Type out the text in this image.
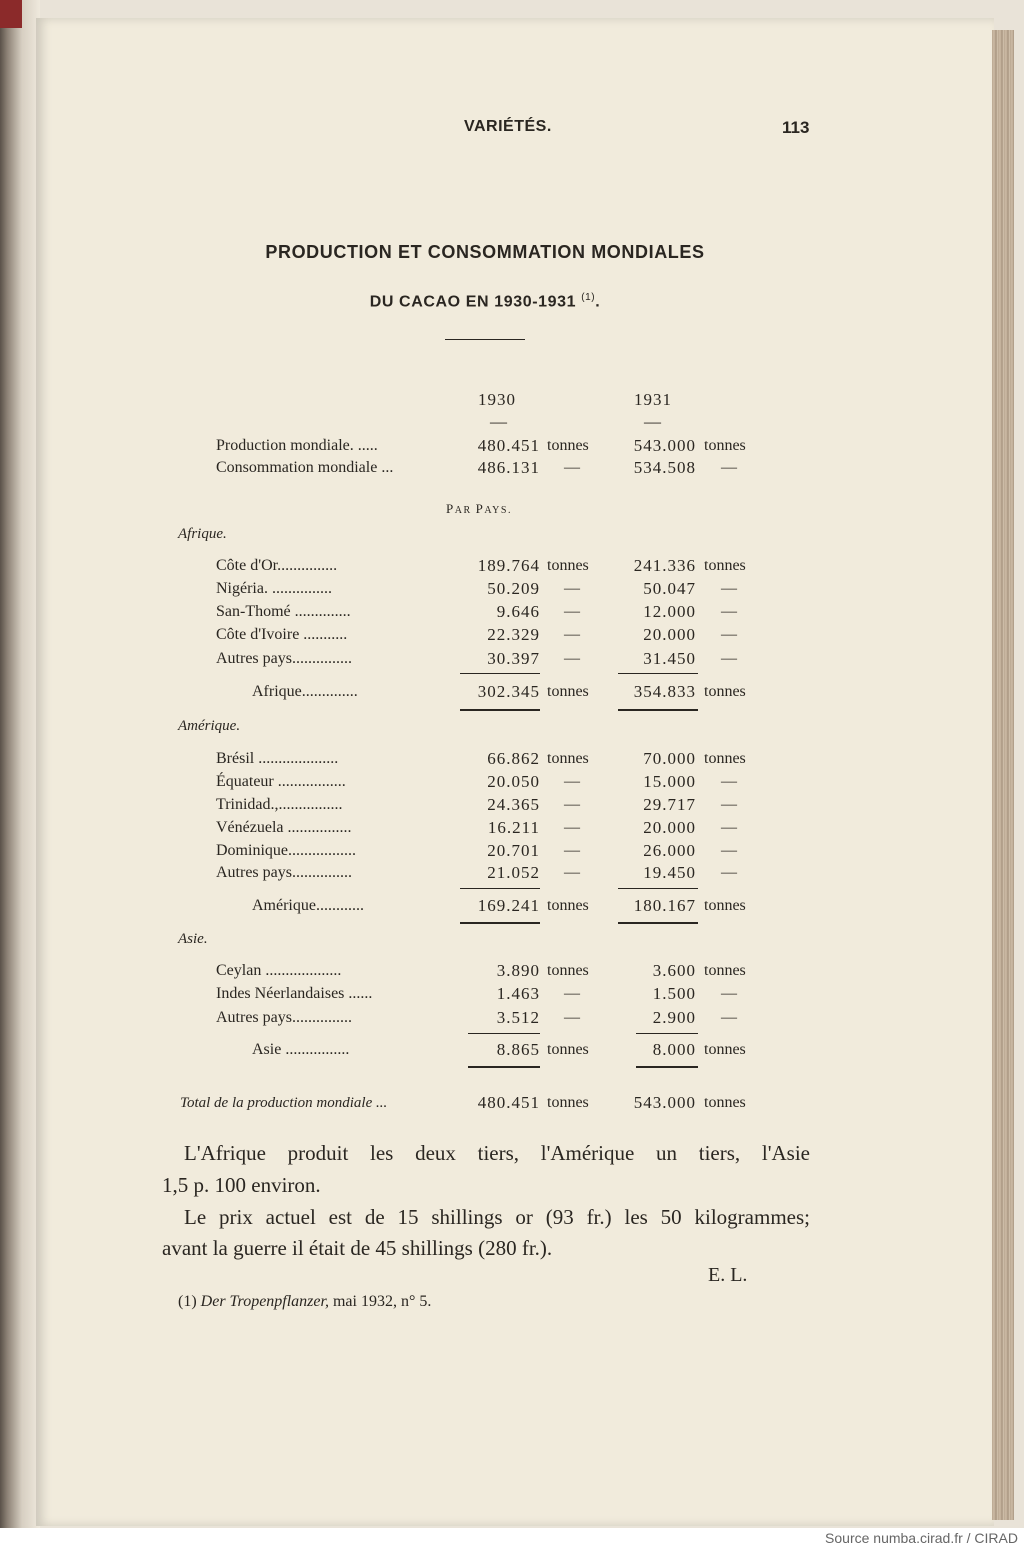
VARIÉTÉS.	113
PRODUCTION ET CONSOMMATION MONDIALES
DU CACAO EN 1930-1931 $^{(1)}$.
1930	1931
—	—
Production mondiale. .....	480.451 tonnes	543.000 tonnes
Consommation mondiale ...	486.131 —	534.508 —
PAR PAYS.
Afrique.
Côte d'Or...............	189.764 tonnes	241.336 tonnes
Nigéria. ...............	50.209 —	50.047 —
San-Thomé ..............	9.646 —	12.000 —
Côte d'Ivoire ...........	22.329 —	20.000 —
Autres pays...............	30.397 —	31.450 —
Afrique..............	302.345 tonnes	354.833 tonnes
Amérique.
Brésil ....................	66.862 tonnes	70.000 tonnes
Équateur .................	20.050 —	15.000 —
Trinidad.,................	24.365 —	29.717 —
Vénézuela ................	16.211 —	20.000 —
Dominique.................	20.701 —	26.000 —
Autres pays...............	21.052 —	19.450 —
Amérique............	169.241 tonnes	180.167 tonnes
Asie.
Ceylan ...................	3.890 tonnes	3.600 tonnes
Indes Néerlandaises ......	1.463 —	1.500 —
Autres pays...............	3.512 —	2.900 —
Asie ................	8.865 tonnes	8.000 tonnes
Total de la production mondiale ...	480.451 tonnes	543.000 tonnes
L'Afrique produit les deux tiers, l'Amérique un tiers, l'Asie
1,5 p. 100 environ.
Le prix actuel est de 15 shillings or (93 fr.) les 50 kilogrammes;
avant la guerre il était de 45 shillings (280 fr.).
E. L.
(1) Der Tropenpflanzer, mai 1932, n° 5.
Source numba.cirad.fr / CIRAD
